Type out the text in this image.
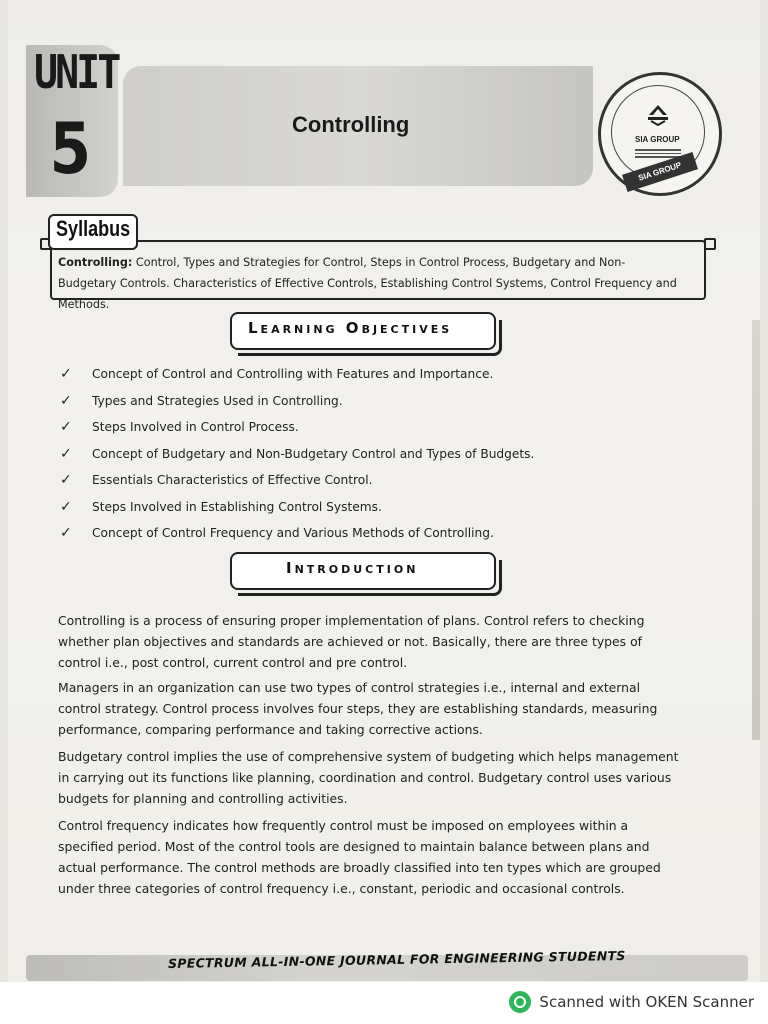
UNIT
5	Controlling
SIA GROUP
SIA GROUP
Syllabus
Controlling: Control, Types and Strategies for Control, Steps in Control Process, Budgetary and Non-Budgetary Controls. Characteristics of Effective Controls, Establishing Control Systems, Control Frequency and Methods.
Learning Objectives
✓ Concept of Control and Controlling with Features and Importance.
✓ Types and Strategies Used in Controlling.
✓ Steps Involved in Control Process.
✓ Concept of Budgetary and Non-Budgetary Control and Types of Budgets.
✓ Essentials Characteristics of Effective Control.
✓ Steps Involved in Establishing Control Systems.
✓ Concept of Control Frequency and Various Methods of Controlling.
Introduction

Controlling is a process of ensuring proper implementation of plans. Control refers to checking whether plan objectives and standards are achieved or not. Basically, there are three types of control i.e., post control, current control and pre control.

Managers in an organization can use two types of control strategies i.e., internal and external control strategy. Control process involves four steps, they are establishing standards, measuring performance, comparing performance and taking corrective actions.

Budgetary control implies the use of comprehensive system of budgeting which helps management in carrying out its functions like planning, coordination and control. Budgetary control uses various budgets for planning and controlling activities.

Control frequency indicates how frequently control must be imposed on employees within a specified period. Most of the control tools are designed to maintain balance between plans and actual performance. The control methods are broadly classified into ten types which are grouped under three categories of control frequency i.e., constant, periodic and occasional controls.

SPECTRUM ALL-IN-ONE JOURNAL FOR ENGINEERING STUDENTS
Scanned with OKEN Scanner
